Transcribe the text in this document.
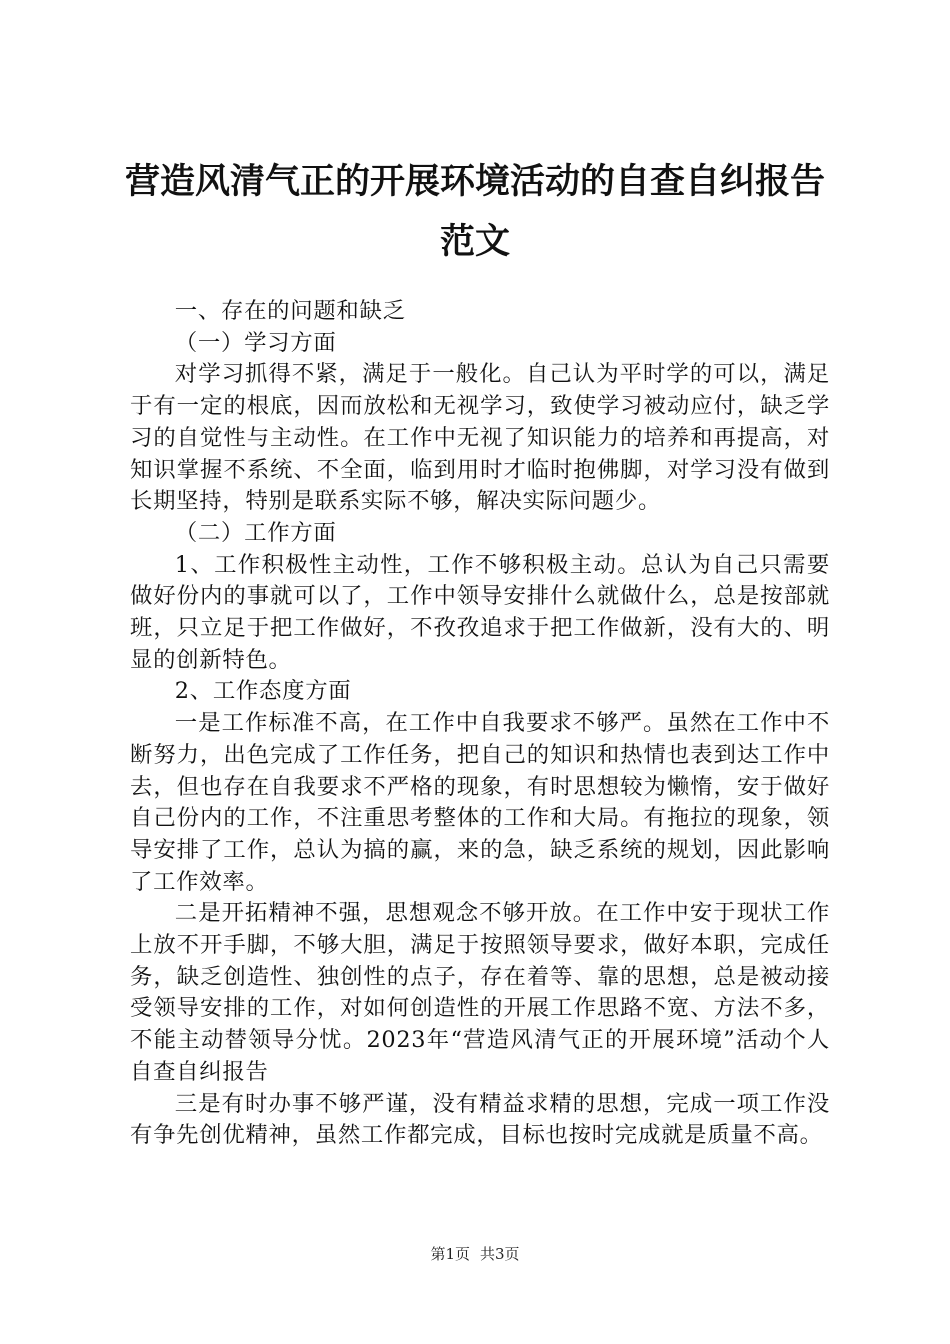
营造风清气正的开展环境活动的自查自纠报告
范文

一、存在的问题和缺乏

（一）学习方面

对学习抓得不紧，满足于一般化。自己认为平时学的可以，满足于有一定的根底，因而放松和无视学习，致使学习被动应付，缺乏学习的自觉性与主动性。在工作中无视了知识能力的培养和再提高，对知识掌握不系统、不全面，临到用时才临时抱佛脚，对学习没有做到长期坚持，特别是联系实际不够，解决实际问题少。

（二）工作方面

1、工作积极性主动性，工作不够积极主动。总认为自己只需要做好份内的事就可以了，工作中领导安排什么就做什么，总是按部就班，只立足于把工作做好，不孜孜追求于把工作做新，没有大的、明显的创新特色。

2、工作态度方面

一是工作标准不高，在工作中自我要求不够严。虽然在工作中不断努力，出色完成了工作任务，把自己的知识和热情也表到达工作中去，但也存在自我要求不严格的现象，有时思想较为懒惰，安于做好自己份内的工作，不注重思考整体的工作和大局。有拖拉的现象，领导安排了工作，总认为搞的赢，来的急，缺乏系统的规划，因此影响了工作效率。

二是开拓精神不强，思想观念不够开放。在工作中安于现状工作上放不开手脚，不够大胆，满足于按照领导要求，做好本职，完成任务，缺乏创造性、独创性的点子，存在着等、靠的思想，总是被动接受领导安排的工作，对如何创造性的开展工作思路不宽、方法不多，不能主动替领导分忧。2023年“营造风清气正的开展环境”活动个人自查自纠报告

三是有时办事不够严谨，没有精益求精的思想，完成一项工作没有争先创优精神，虽然工作都完成，目标也按时完成就是质量不高。

第1页 共3页
